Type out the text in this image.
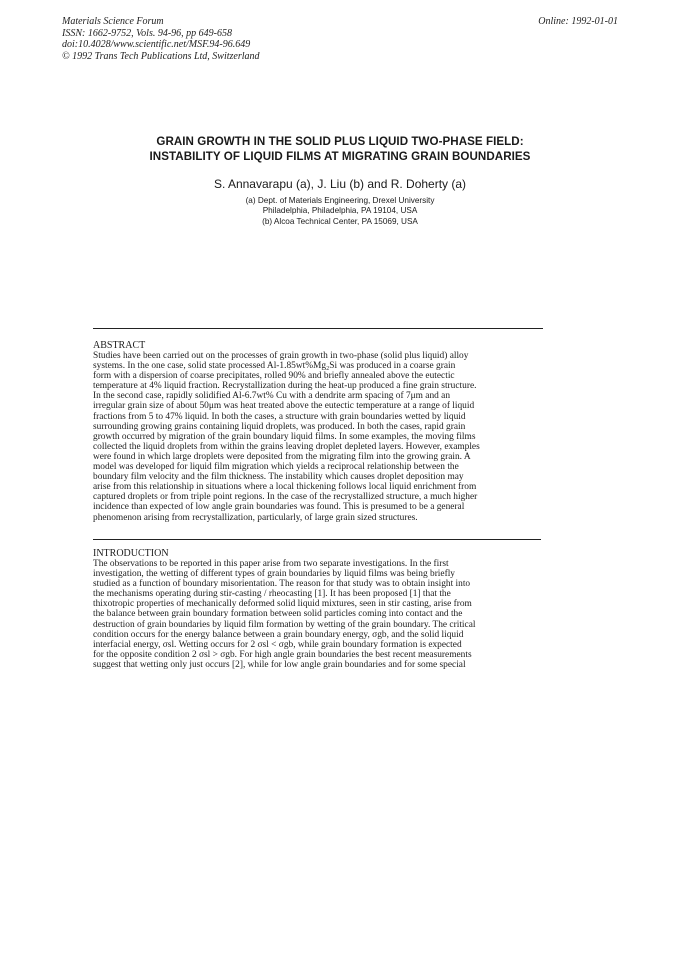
Materials Science Forum
ISSN: 1662-9752, Vols. 94-96, pp 649-658
doi:10.4028/www.scientific.net/MSF.94-96.649
© 1992 Trans Tech Publications Ltd, Switzerland
Online: 1992-01-01
GRAIN GROWTH IN THE SOLID PLUS LIQUID TWO-PHASE FIELD:
INSTABILITY OF LIQUID FILMS AT MIGRATING GRAIN BOUNDARIES
S. Annavarapu (a), J. Liu (b) and R. Doherty (a)
(a) Dept. of Materials Engineering, Drexel University
Philadelphia, Philadelphia, PA 19104, USA
(b) Alcoa Technical Center, PA 15069, USA
ABSTRACT
Studies have been carried out on the processes of grain growth in two-phase (solid plus liquid) alloy
systems. In the one case, solid state processed Al-1.85wt%Mg₂Si was produced in a coarse grain
form with a dispersion of coarse precipitates, rolled 90% and briefly annealed above the eutectic
temperature at 4% liquid fraction. Recrystallization during the heat-up produced a fine grain structure.
In the second case, rapidly solidified Al-6.7wt% Cu with a dendrite arm spacing of 7μm and an
irregular grain size of about 50μm was heat treated above the eutectic temperature at a range of liquid
fractions from 5 to 47% liquid. In both the cases, a structure with grain boundaries wetted by liquid
surrounding growing grains containing liquid droplets, was produced. In both the cases, rapid grain
growth occurred by migration of the grain boundary liquid films. In some examples, the moving films
collected the liquid droplets from within the grains leaving droplet depleted layers. However, examples
were found in which large droplets were deposited from the migrating film into the growing grain. A
model was developed for liquid film migration which yields a reciprocal relationship between the
boundary film velocity and the film thickness. The instability which causes droplet deposition may
arise from this relationship in situations where a local thickening follows local liquid enrichment from
captured droplets or from triple point regions. In the case of the recrystallized structure, a much higher
incidence than expected of low angle grain boundaries was found. This is presumed to be a general
phenomenon arising from recrystallization, particularly, of large grain sized structures.
INTRODUCTION
The observations to be reported in this paper arise from two separate investigations. In the first
investigation, the wetting of different types of grain boundaries by liquid films was being briefly
studied as a function of boundary misorientation. The reason for that study was to obtain insight into
the mechanisms operating during stir-casting / rheocasting [1]. It has been proposed [1] that the
thixotropic properties of mechanically deformed solid liquid mixtures, seen in stir casting, arise from
the balance between grain boundary formation between solid particles coming into contact and the
destruction of grain boundaries by liquid film formation by wetting of the grain boundary. The critical
condition occurs for the energy balance between a grain boundary energy, σgb, and the solid liquid
interfacial energy, σsl. Wetting occurs for 2 σsl < σgb, while grain boundary formation is expected
for the opposite condition 2 σsl > σgb. For high angle grain boundaries the best recent measurements
suggest that wetting only just occurs [2], while for low angle grain boundaries and for some special
